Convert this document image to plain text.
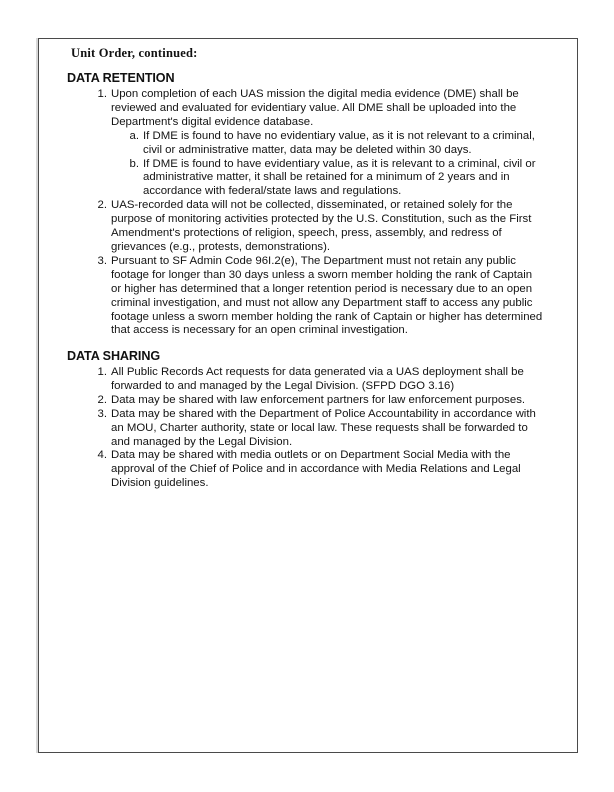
Unit Order, continued:
DATA RETENTION
1. Upon completion of each UAS mission the digital media evidence (DME) shall be reviewed and evaluated for evidentiary value. All DME shall be uploaded into the Department's digital evidence database.
a. If DME is found to have no evidentiary value, as it is not relevant to a criminal, civil or administrative matter, data may be deleted within 30 days.
b. If DME is found to have evidentiary value, as it is relevant to a criminal, civil or administrative matter, it shall be retained for a minimum of 2 years and in accordance with federal/state laws and regulations.
2. UAS-recorded data will not be collected, disseminated, or retained solely for the purpose of monitoring activities protected by the U.S. Constitution, such as the First Amendment's protections of religion, speech, press, assembly, and redress of grievances (e.g., protests, demonstrations).
3. Pursuant to SF Admin Code 96I.2(e), The Department must not retain any public footage for longer than 30 days unless a sworn member holding the rank of Captain or higher has determined that a longer retention period is necessary due to an open criminal investigation, and must not allow any Department staff to access any public footage unless a sworn member holding the rank of Captain or higher has determined that access is necessary for an open criminal investigation.
DATA SHARING
1. All Public Records Act requests for data generated via a UAS deployment shall be forwarded to and managed by the Legal Division. (SFPD DGO 3.16)
2. Data may be shared with law enforcement partners for law enforcement purposes.
3. Data may be shared with the Department of Police Accountability in accordance with an MOU, Charter authority, state or local law. These requests shall be forwarded to and managed by the Legal Division.
4. Data may be shared with media outlets or on Department Social Media with the approval of the Chief of Police and in accordance with Media Relations and Legal Division guidelines.
